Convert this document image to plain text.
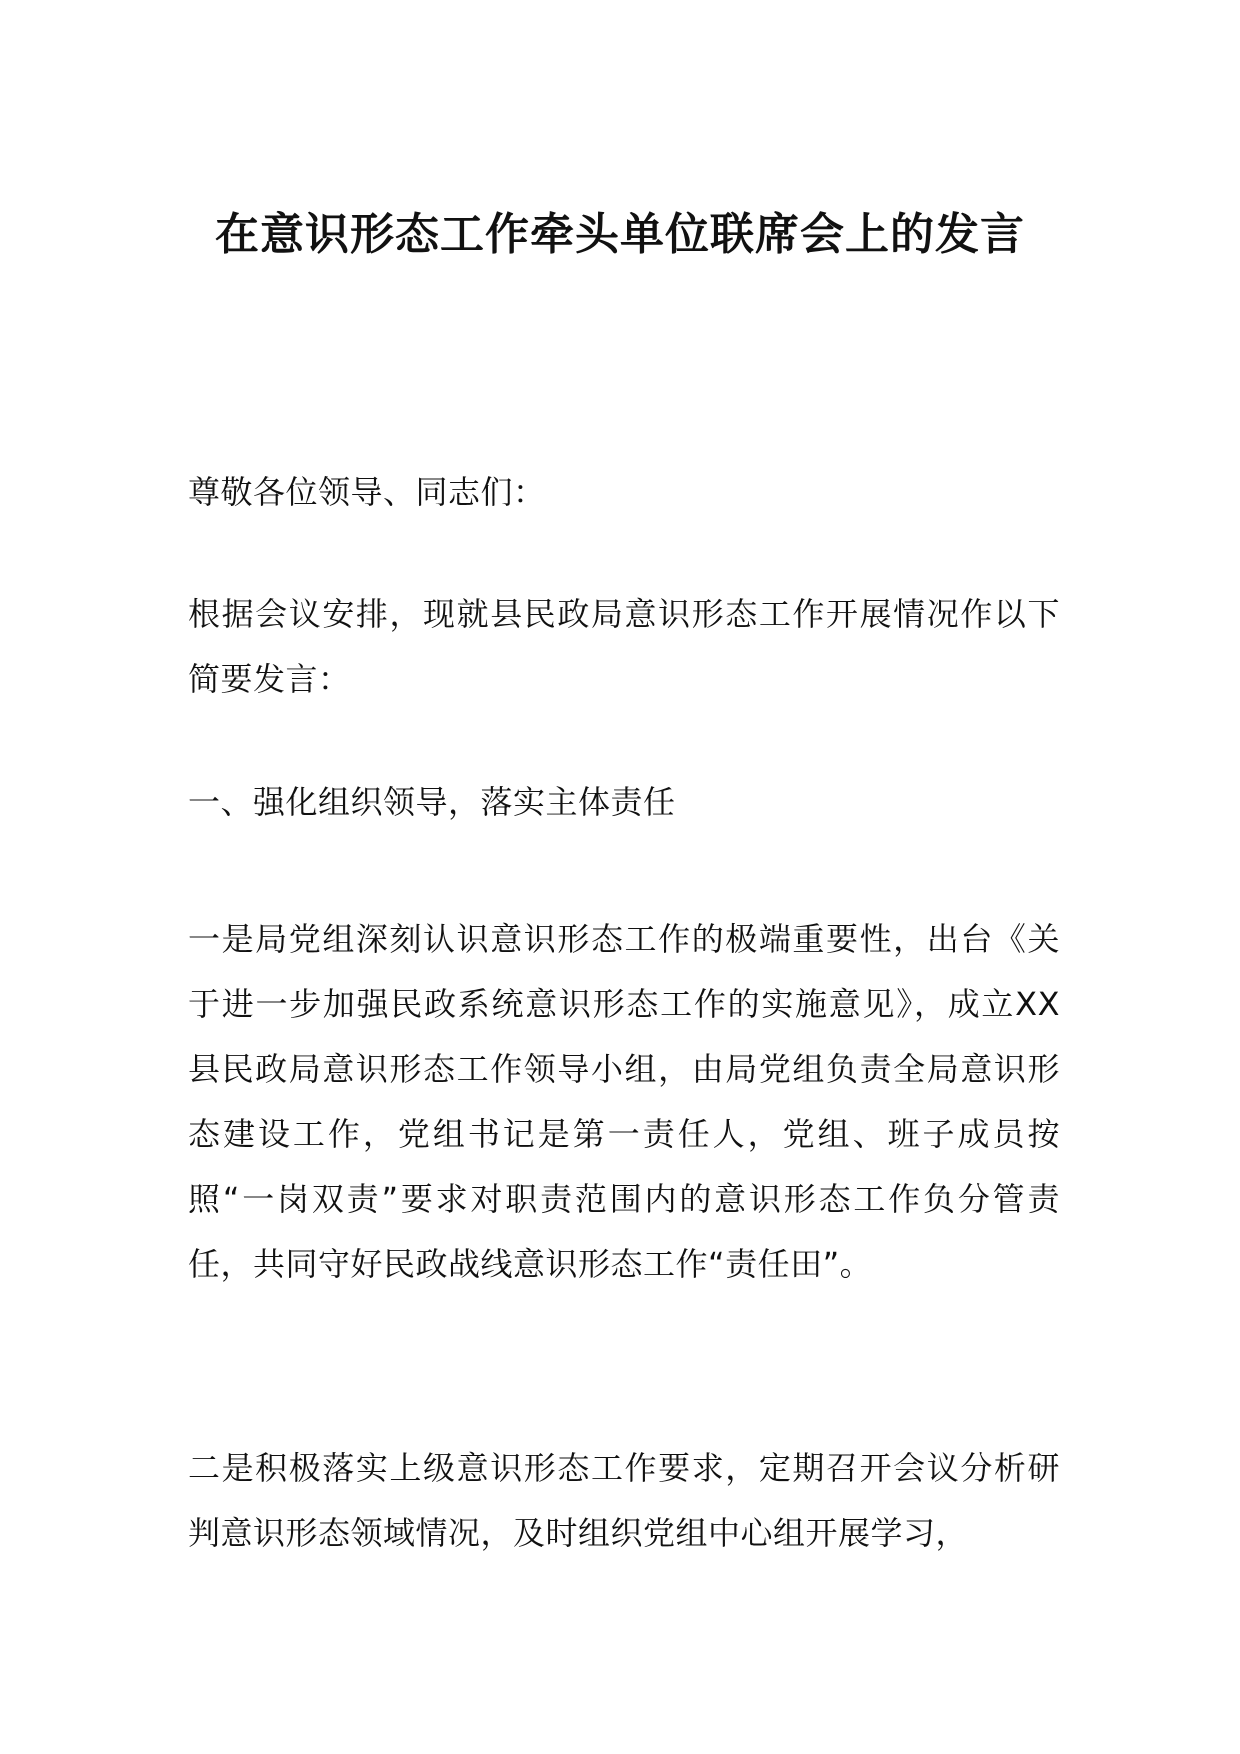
在意识形态工作牵头单位联席会上的发言
尊敬各位领导、同志们：
根据会议安排，现就县民政局意识形态工作开展情况作以下简要发言：
一、强化组织领导，落实主体责任
一是局党组深刻认识意识形态工作的极端重要性，出台《关于进一步加强民政系统意识形态工作的实施意见》，成立XX县民政局意识形态工作领导小组，由局党组负责全局意识形态建设工作，党组书记是第一责任人，党组、班子成员按照“一岗双责”要求对职责范围内的意识形态工作负分管责任，共同守好民政战线意识形态工作“责任田”。
二是积极落实上级意识形态工作要求，定期召开会议分析研判意识形态领域情况，及时组织党组中心组开展学习，
